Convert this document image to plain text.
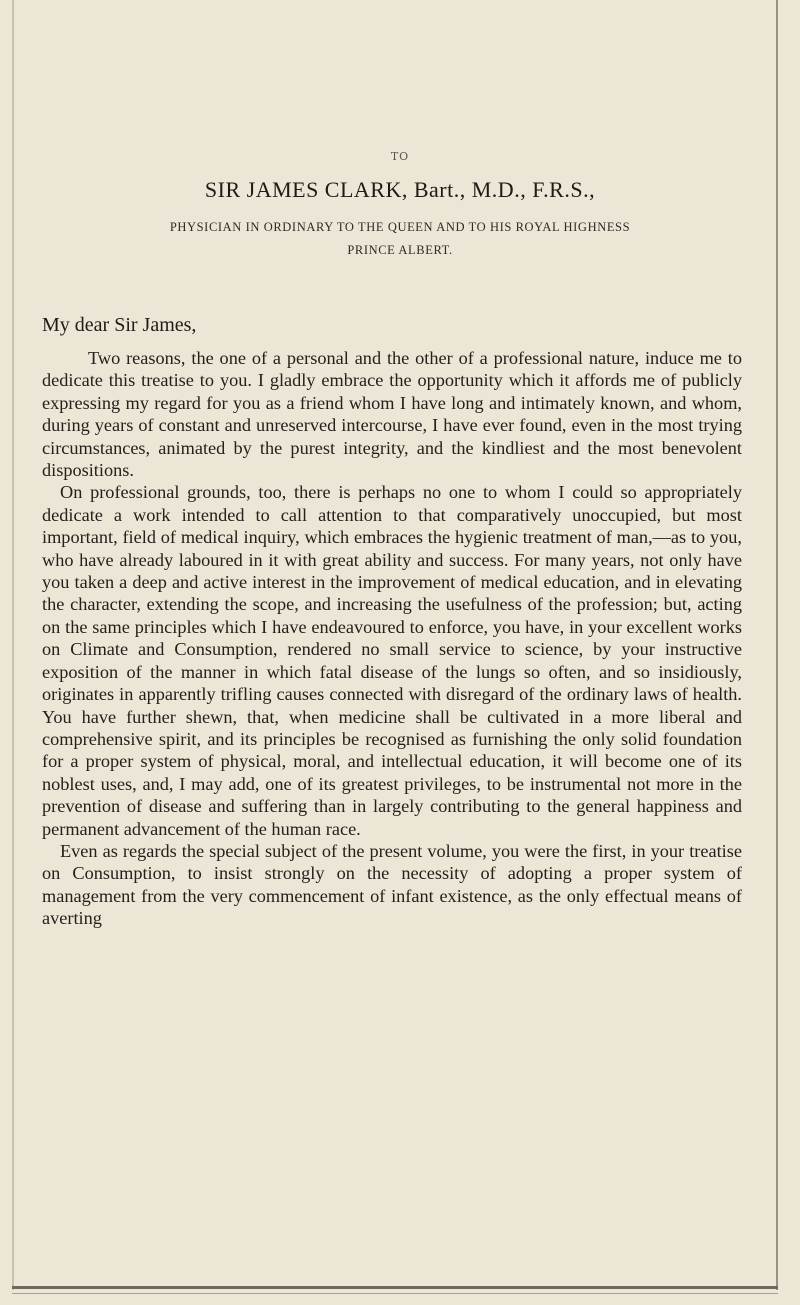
TO
SIR JAMES CLARK, Bart., M.D., F.R.S.,
PHYSICIAN IN ORDINARY TO THE QUEEN AND TO HIS ROYAL HIGHNESS
PRINCE ALBERT.
My dear Sir James,

Two reasons, the one of a personal and the other of a professional nature, induce me to dedicate this treatise to you. I gladly embrace the opportunity which it affords me of publicly expressing my regard for you as a friend whom I have long and intimately known, and whom, during years of constant and unreserved intercourse, I have ever found, even in the most trying circumstances, animated by the purest integrity, and the kindliest and the most benevolent dispositions.

On professional grounds, too, there is perhaps no one to whom I could so appropriately dedicate a work intended to call attention to that comparatively unoccupied, but most important, field of medical inquiry, which embraces the hygienic treatment of man,—as to you, who have already laboured in it with great ability and success. For many years, not only have you taken a deep and active interest in the improvement of medical education, and in elevating the character, extending the scope, and increasing the usefulness of the profession; but, acting on the same principles which I have endeavoured to enforce, you have, in your excellent works on Climate and Consumption, rendered no small service to science, by your instructive exposition of the manner in which fatal disease of the lungs so often, and so insidiously, originates in apparently trifling causes connected with disregard of the ordinary laws of health. You have further shewn, that, when medicine shall be cultivated in a more liberal and comprehensive spirit, and its principles be recognised as furnishing the only solid foundation for a proper system of physical, moral, and intellectual education, it will become one of its noblest uses, and, I may add, one of its greatest privileges, to be instrumental not more in the prevention of disease and suffering than in largely contributing to the general happiness and permanent advancement of the human race.

Even as regards the special subject of the present volume, you were the first, in your treatise on Consumption, to insist strongly on the necessity of adopting a proper system of management from the very commencement of infant existence, as the only effectual means of averting
